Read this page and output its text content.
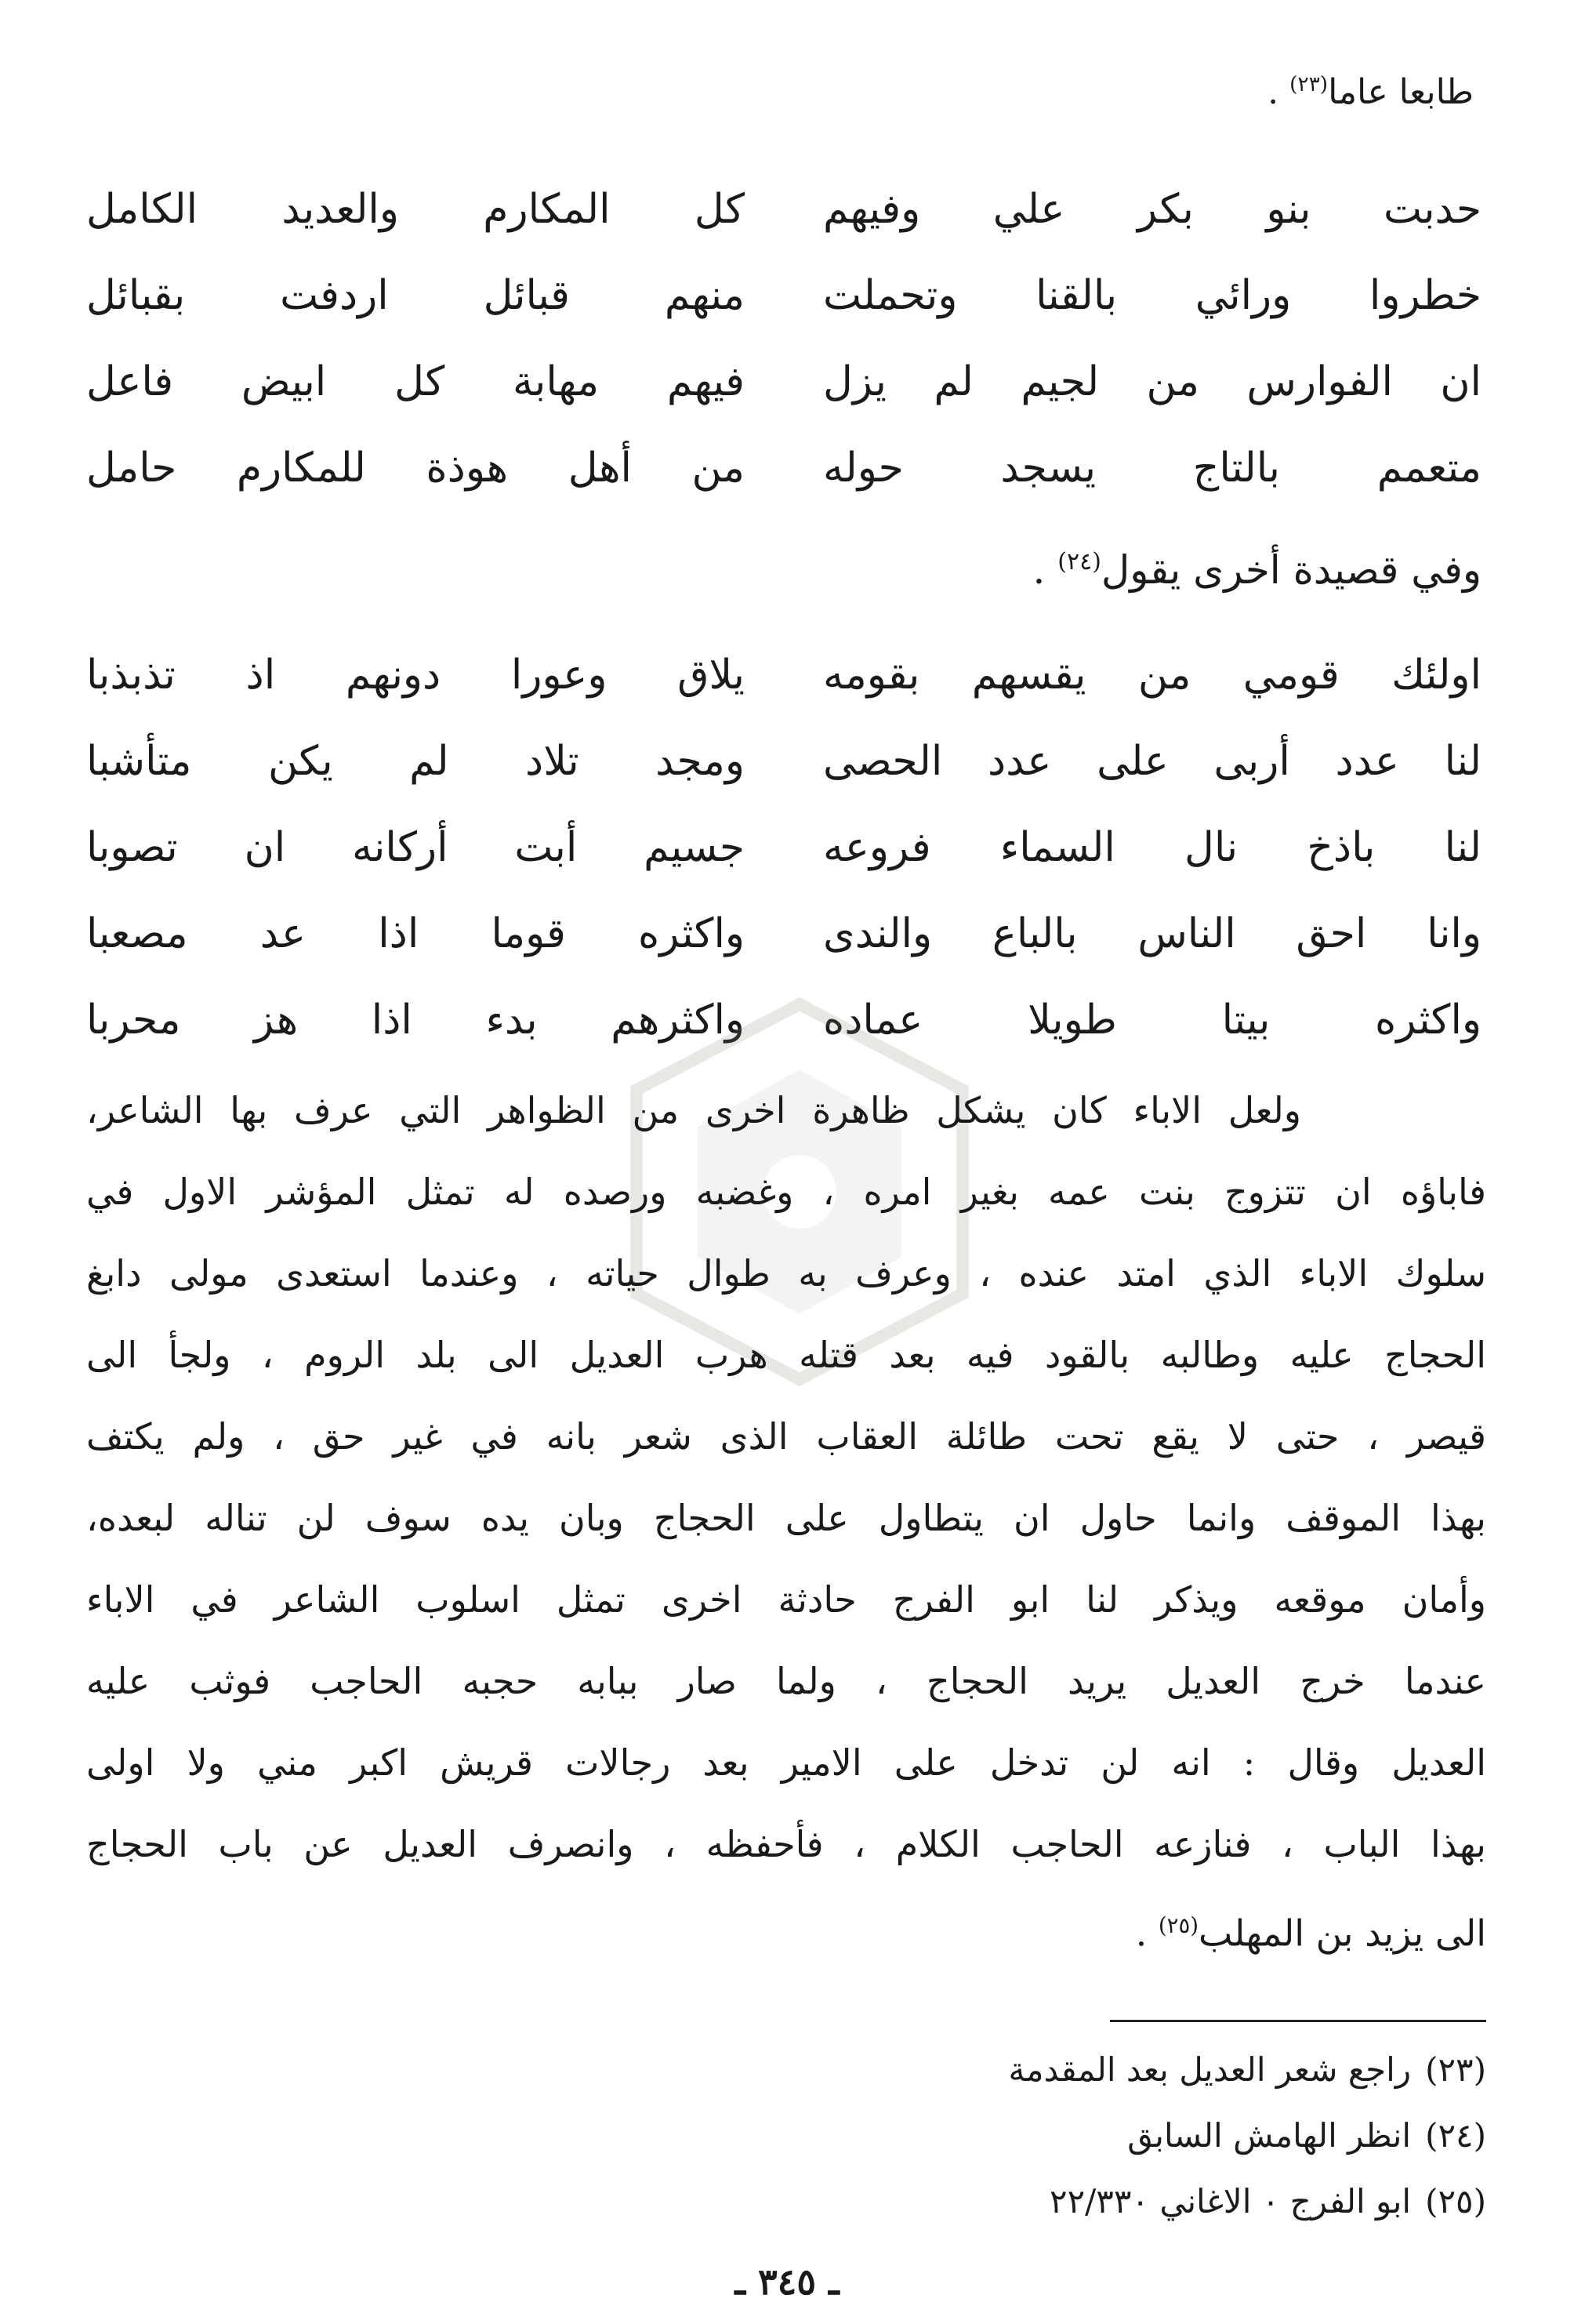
طابعا عاما$^{(٢٣)}$ .
حدبت بنو بكر علي وفيهم
كل المكارم والعديد الكامل
خطروا ورائي بالقنا وتحملت
منهم قبائل اردفت بقبائل
ان الفوارس من لجيم لم يزل
فيهم مهابة كل ابيض فاعل
متعمم بالتاج يسجد حوله
من أهل هوذة للمكارم حامل
وفي قصيدة أخرى يقول$^{(٢٤)}$ .
اولئك قومي من يقسهم بقومه
يلاق وعورا دونهم اذ تذبذبا
لنا عدد أربى على عدد الحصى
ومجد تلاد لم يكن متأشبا
لنا باذخ نال السماء فروعه
جسيم أبت أركانه ان تصوبا
وانا احق الناس بالباع والندى
واكثره قوما اذا عد مصعبا
واكثره بيتا طويلا عماده
واكثرهم بدء اذا هز محربا
ولعل الاباء كان يشكل ظاهرة اخرى من الظواهر التي عرف بها الشاعر،
فاباؤه ان تتزوج بنت عمه بغير امره ، وغضبه ورصده له تمثل المؤشر الاول في
سلوك الاباء الذي امتد عنده ، وعرف به طوال حياته ، وعندما استعدى مولى دابغ
الحجاج عليه وطالبه بالقود فيه بعد قتله هرب العديل الى بلد الروم ، ولجأ الى
قيصر ، حتى لا يقع تحت طائلة العقاب الذى شعر بانه في غير حق ، ولم يكتف
بهذا الموقف وانما حاول ان يتطاول على الحجاج وبان يده سوف لن تناله لبعده،
وأمان موقعه ويذكر لنا ابو الفرج حادثة اخرى تمثل اسلوب الشاعر في الاباء
عندما خرج العديل يريد الحجاج ، ولما صار ببابه حجبه الحاجب فوثب عليه
العديل وقال : انه لن تدخل على الامير بعد رجالات قريش اكبر مني ولا اولى
بهذا الباب ، فنازعه الحاجب الكلام ، فأحفظه ، وانصرف العديل عن باب الحجاج
الى يزيد بن المهلب$^{(٢٥)}$ .
(٢٣)راجع شعر العديل بعد المقدمة
(٢٤)انظر الهامش السابق
(٢٥)ابو الفرج ٠ الاغاني ٢٢/٣٣٠
ـ ٣٤٥ ـ
